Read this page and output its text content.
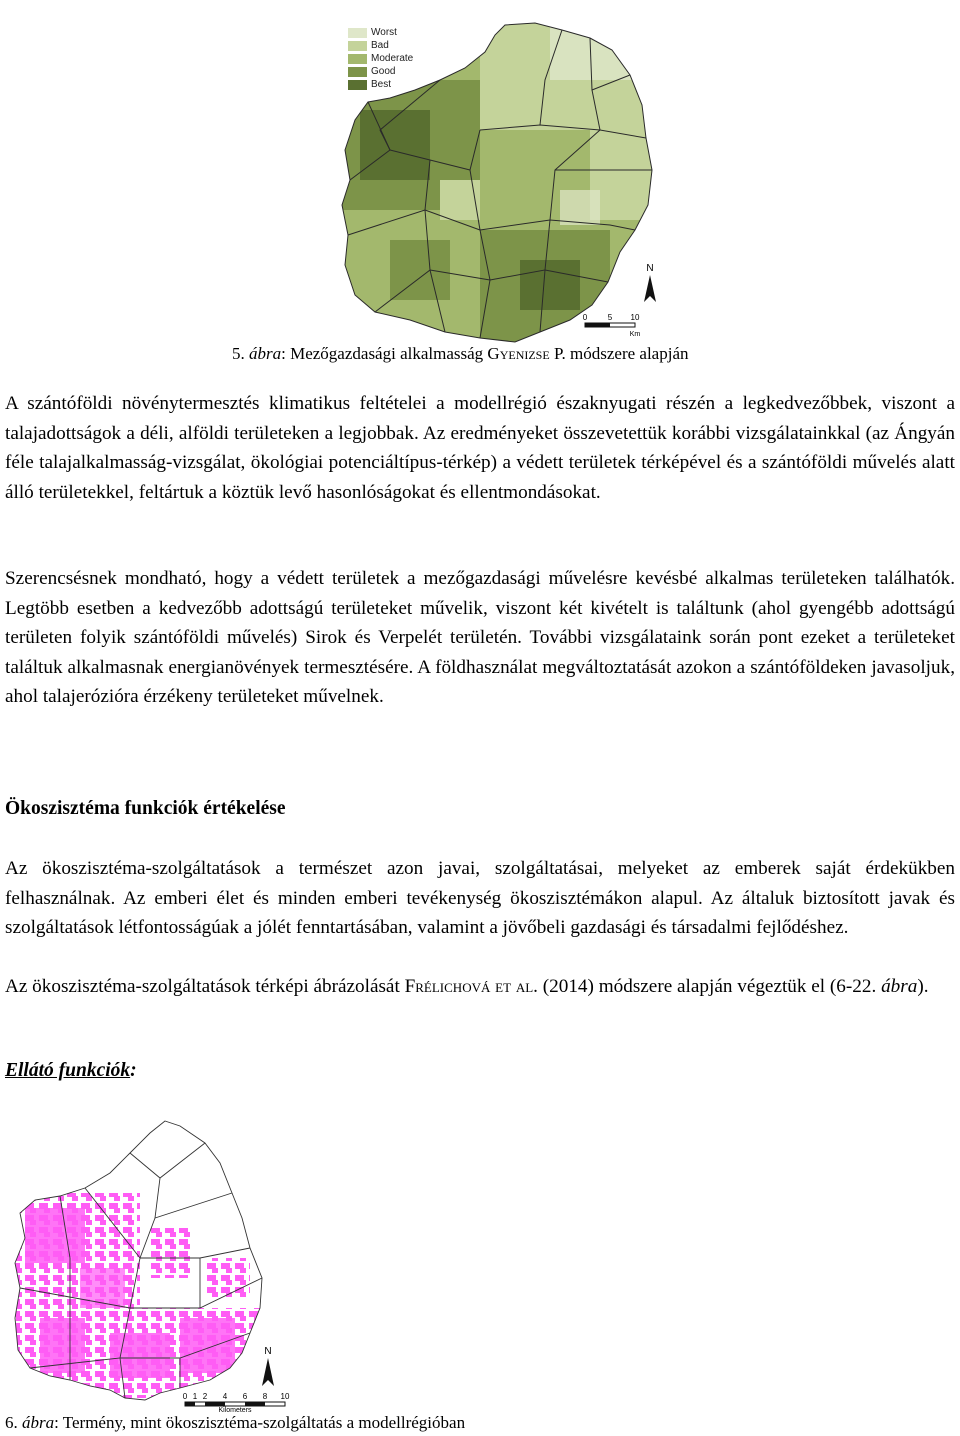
N
0	5 10
Km
Worst
Bad
Moderate
Good
Best
5. ábra: Mezőgazdasági alkalmasság Gyenizse P. módszere alapján

A szántóföldi növénytermesztés klimatikus feltételei a modellrégió északnyugati részén a legkedvezőbbek, viszont a talajadottságok a déli, alföldi területeken a legjobbak. Az eredményeket összevetettük korábbi vizsgálatainkkal (az Ángyán féle talajalkalmasság-vizsgálat, ökológiai potenciáltípus-térkép) a védett területek térképével és a szántóföldi művelés alatt álló területekkel, feltártuk a köztük levő hasonlóságokat és ellentmondásokat.

Szerencsésnek mondható, hogy a védett területek a mezőgazdasági művelésre kevésbé alkalmas területeken találhatók. Legtöbb esetben a kedvezőbb adottságú területeket művelik, viszont két kivételt is találtunk (ahol gyengébb adottságú területen folyik szántóföldi művelés) Sirok és Verpelét területén. További vizsgálataink során pont ezeket a területeket találtuk alkalmasnak energianövények termesztésére. A földhasználat megváltoztatását azokon a szántóföldeken javasoljuk, ahol talajerózióra érzékeny területeket művelnek.

Ökoszisztéma funkciók értékelése

Az ökoszisztéma-szolgáltatások a természet azon javai, szolgáltatásai, melyeket az emberek saját érdekükben felhasználnak. Az emberi élet és minden emberi tevékenység ökoszisztémákon alapul. Az általuk biztosított javak és szolgáltatások létfontosságúak a jólét fenntartásában, valamint a jövőbeli gazdasági és társadalmi fejlődéshez.

Az ökoszisztéma-szolgáltatások térképi ábrázolását Frélichová et al. (2014) módszere alapján végeztük el (6-22. ábra).

Ellátó funkciók:
N
0 1 2 4 6 8 10
Kilometers
6. ábra: Termény, mint ökoszisztéma-szolgáltatás a modellrégióban
